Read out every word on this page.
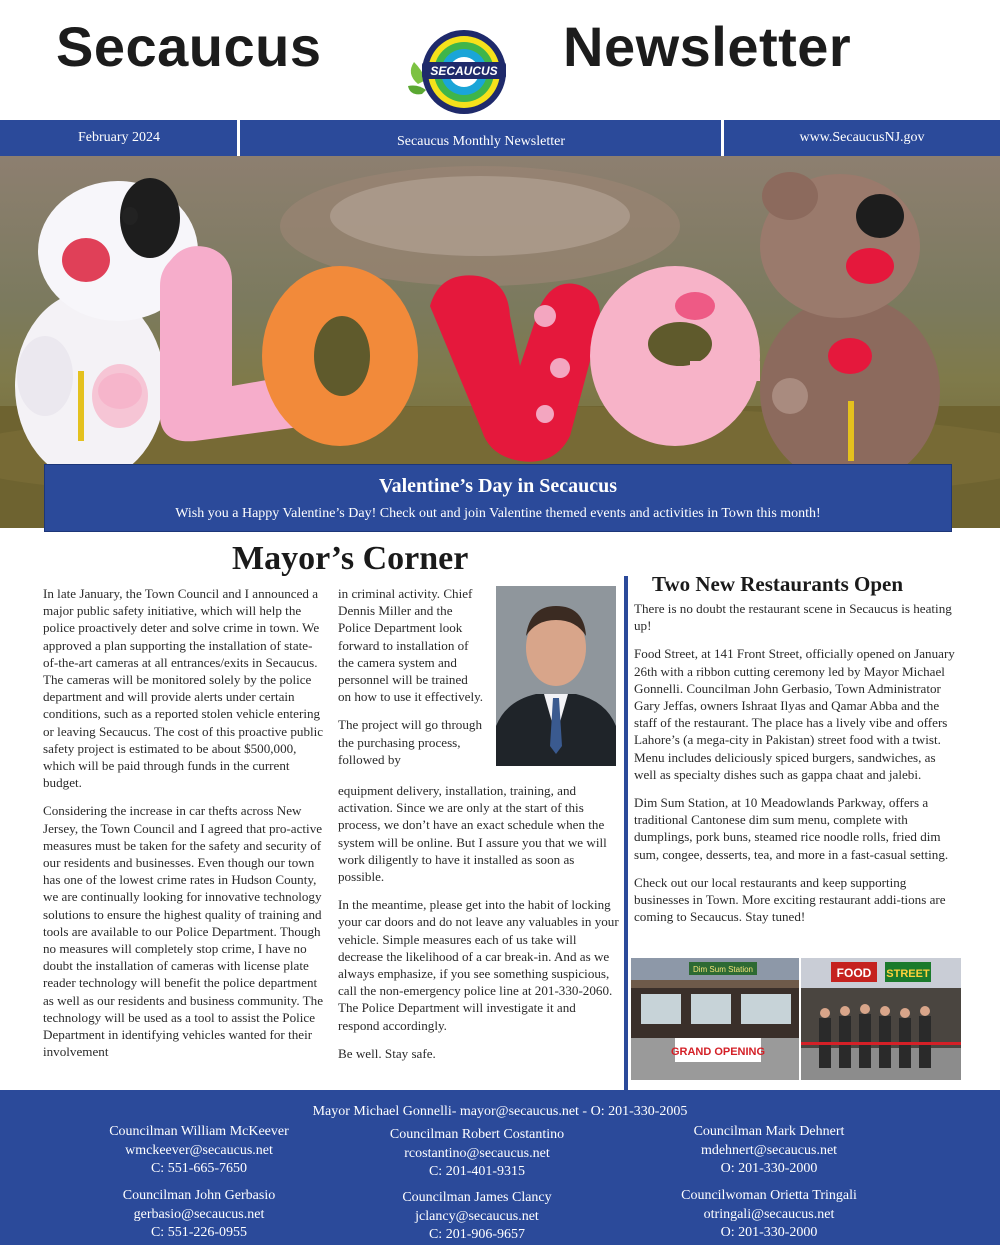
Secaucus	SECAUCUS Newsletter
February 2024	Secaucus Monthly Newsletter	www.SecaucusNJ.gov
Valentine’s Day in Secaucus
Wish you a Happy Valentine’s Day! Check out and join Valentine themed events and activities in Town this month!
Mayor’s Corner

In late January, the Town Council and I announced a major public safety initiative, which will help the police proactively deter and solve crime in town. We approved a plan supporting the installation of state-of-the-art cameras at all entrances/exits in Secaucus. The cameras will be monitored solely by the police department and will provide alerts under certain conditions, such as a reported stolen vehicle entering or leaving Secaucus. The cost of this proactive public safety project is estimated to be about $500,000, which will be paid through funds in the current budget.

Considering the increase in car thefts across New Jersey, the Town Council and I agreed that pro-active measures must be taken for the safety and security of our residents and businesses. Even though our town has one of the lowest crime rates in Hudson County, we are continually looking for innovative technology solutions to ensure the highest quality of training and tools are available to our Police Department. Though no measures will completely stop crime, I have no doubt the installation of cameras with license plate reader technology will benefit the police department as well as our residents and business community. The technology will be used as a tool to assist the Police Department in identifying vehicles wanted for their involvement

in criminal activity. Chief Dennis Miller and the Police Department look forward to installation of the camera system and personnel will be trained on how to use it effectively.

The project will go through the purchasing process, followed by

equipment delivery, installation, training, and activation. Since we are only at the start of this process, we don’t have an exact schedule when the system will be online. But I assure you that we will work diligently to have it installed as soon as possible.

In the meantime, please get into the habit of locking your car doors and do not leave any valuables in your vehicle. Simple measures each of us take will decrease the likelihood of a car break-in. And as we always emphasize, if you see something suspicious, call the non-emergency police line at 201-330-2060. The Police Department will investigate it and respond accordingly.

Be well. Stay safe.

Two New Restaurants Open

There is no doubt the restaurant scene in Secaucus is heating up!

Food Street, at 141 Front Street, officially opened on January 26th with a ribbon cutting ceremony led by Mayor Michael Gonnelli. Councilman John Gerbasio, Town Administrator Gary Jeffas, owners Ishraat Ilyas and Qamar Abba and the staff of the restaurant. The place has a lively vibe and offers Lahore’s (a mega-city in Pakistan) street food with a twist. Menu includes deliciously spiced burgers, sandwiches, as well as specialty dishes such as gappa chaat and jalebi.

Dim Sum Station, at 10 Meadowlands Parkway, offers a traditional Cantonese dim sum menu, complete with dumplings, pork buns, steamed rice noodle rolls, fried dim sum, congee, desserts, tea, and more in a fast-casual setting.

Check out our local restaurants and keep supporting businesses in Town. More exciting restaurant addi-tions are coming to Secaucus. Stay tuned!

Dim Sum Station
GRAND OPENING
FOOD STREET
Mayor Michael Gonnelli- mayor@secaucus.net - O: 201-330-2005
Councilman William McKeever
wmckeever@secaucus.net
C: 551-665-7650
Councilman Robert Costantino
rcostantino@secaucus.net
C: 201-401-9315
Councilman Mark Dehnert
mdehnert@secaucus.net
O: 201-330-2000
Councilman John Gerbasio
gerbasio@secaucus.net
C: 551-226-0955
Councilman James Clancy
jclancy@secaucus.net
C: 201-906-9657
Councilwoman Orietta Tringali
otringali@secaucus.net
O: 201-330-2000
